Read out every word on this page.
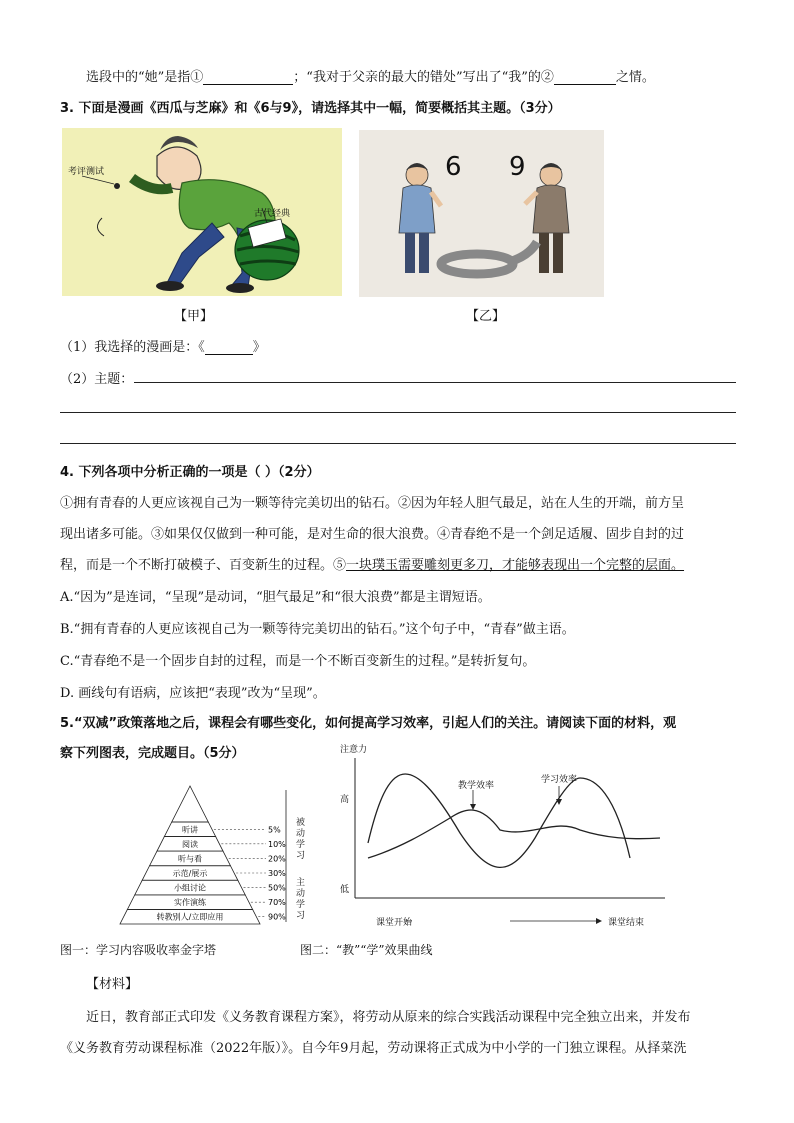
选段中的“她”是指①	；“我对于父亲的最大的错处”写出了“我”的②	之情。
3. 下面是漫画《西瓜与芝麻》和《6与9》，请选择其中一幅，简要概括其主题。（3分）
考评测试
古代经典
【甲】
6 9
【乙】
（1）我选择的漫画是：《	》
（2）主题：
4. 下列各项中分析正确的一项是（ ）（2分）
①拥有青春的人更应该视自己为一颗等待完美切出的钻石。②因为年轻人胆气最足，站在人生的开端，前方呈
现出诸多可能。③如果仅仅做到一种可能，是对生命的很大浪费。④青春绝不是一个剑足适履、固步自封的过
程，而是一个不断打破模子、百变新生的过程。⑤一块璞玉需要雕刻更多刀，才能够表现出一个完整的层面。
A.“因为”是连词，“呈现”是动词，“胆气最足”和“很大浪费”都是主谓短语。
B.“拥有青春的人更应该视自己为一颗等待完美切出的钻石。”这个句子中，“青春”做主语。
C.“青春绝不是一个固步自封的过程，而是一个不断百变新生的过程。”是转折复句。
D. 画线句有语病，应该把“表现”改为“呈现”。
5.“双减”政策落地之后，课程会有哪些变化，如何提高学习效率，引起人们的关注。请阅读下面的材料，观
察下列图表，完成题目。（5分）
听讲
阅读
听与看
示范/展示
小组讨论
实作演练
转教别人/立即应用
5%
10%
20%
30%
50%
70%
90%
被动学习
主动学习
注意力
高
低
教学效率
学习效率
课堂开始	课堂结束
图一：学习内容吸收率金字塔	图二：“教”“学”效果曲线
【材料】
近日，教育部正式印发《义务教育课程方案》，将劳动从原来的综合实践活动课程中完全独立出来，并发布
《义务教育劳动课程标准（2022年版）》。自今年9月起，劳动课将正式成为中小学的一门独立课程。从择菜洗
